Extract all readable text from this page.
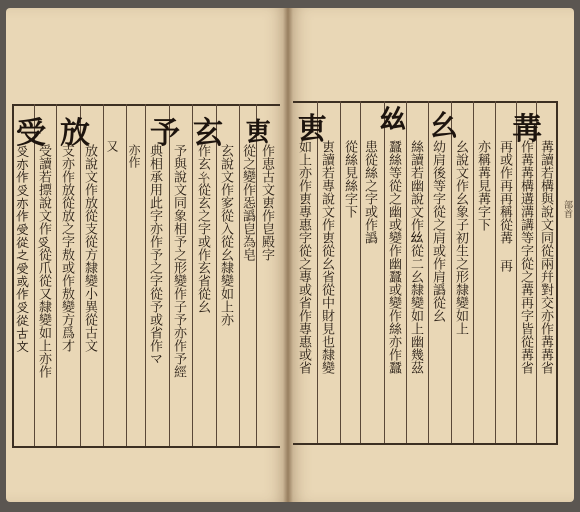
叀
玄
予
放
受	又	作恵古文叀作皀殿字
從之變作㤅譌皀為皂
玄說文作㝖從入從幺隸變如上亦
作玄𢆯從玄之字或作玄省從幺
予與說文同象相予之形變作子予亦作予經
典相承用此字亦作予之字從予或省作マ
亦作
放說文作放從支從方隸變小異從古文
支亦作放從放之字敖或作敖變方爲才
受讀若摽說文作𠬪從爪從又隸變如上亦作
𠬪亦作𠬪亦作受從之受或作𠬪從古文
冓
幺
𢆶
叀
冓讀若構與說文同從兩幷對交亦作冓冓省
作冓冓構遘溝講等字從之冓再字皆從冓省
再或作再再稱從冓 再
亦稱冓見冓字下
幺說文作幺象子初生之形隸變如上
幼肩後等字從之肩或作肩譌從幺
絲讀若幽說文作𢆶從二幺隸變如上幽幾茲
蠶絲等從之幽或變作幽蠶或變作絲亦作蠶
患從絲之字或作譌
從絲見絲字下
叀讀若專說文作叀從幺省從中財見也隸變
如上亦作叀專惠字從之專或省作專惠或省	部首
